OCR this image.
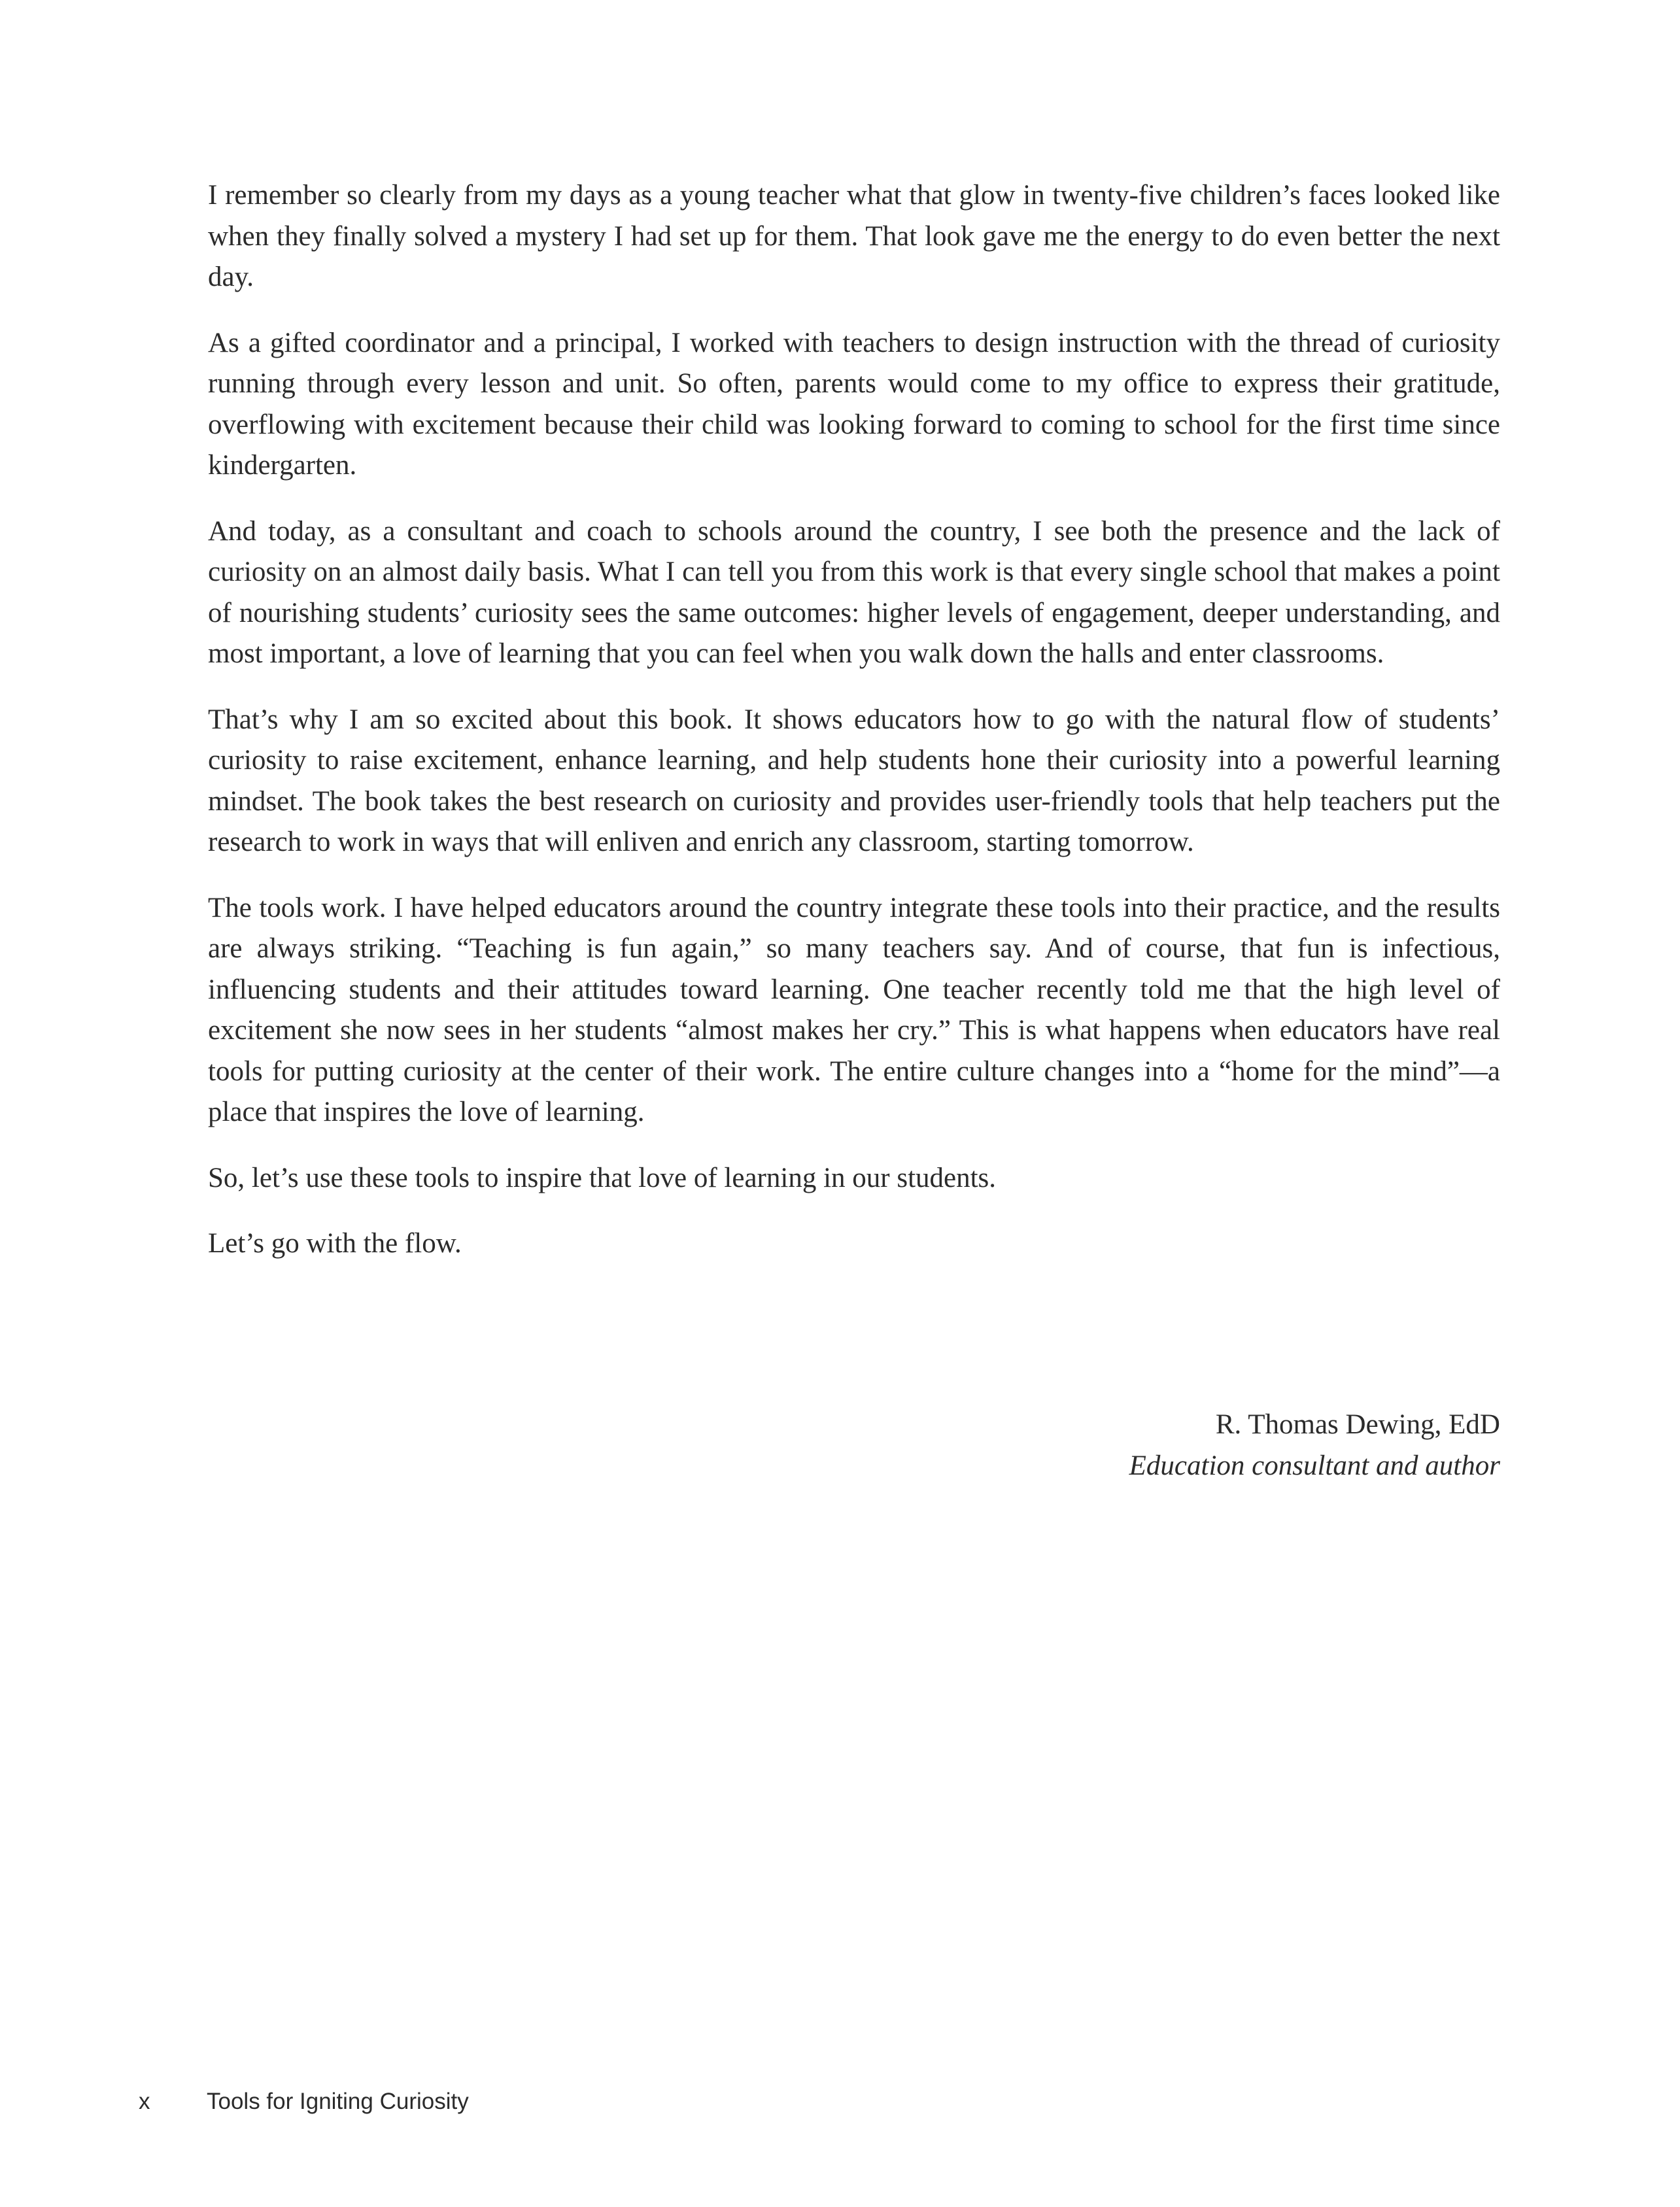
I remember so clearly from my days as a young teacher what that glow in twenty-five children’s faces looked like when they finally solved a mystery I had set up for them. That look gave me the energy to do even better the next day.

As a gifted coordinator and a principal, I worked with teachers to design instruction with the thread of curiosity running through every lesson and unit. So often, parents would come to my office to express their gratitude, overflowing with excitement because their child was looking forward to coming to school for the first time since kindergarten.

And today, as a consultant and coach to schools around the country, I see both the presence and the lack of curiosity on an almost daily basis. What I can tell you from this work is that every single school that makes a point of nourishing students’ curiosity sees the same outcomes: higher levels of engagement, deeper understanding, and most important, a love of learning that you can feel when you walk down the halls and enter classrooms.

That’s why I am so excited about this book. It shows educators how to go with the natural flow of students’ curiosity to raise excitement, enhance learning, and help students hone their curiosity into a powerful learning mindset. The book takes the best research on curiosity and provides user-friendly tools that help teachers put the research to work in ways that will enliven and enrich any classroom, starting tomorrow.

The tools work. I have helped educators around the country integrate these tools into their practice, and the results are always striking. “Teaching is fun again,” so many teachers say. And of course, that fun is infectious, influencing students and their attitudes toward learning. One teacher recently told me that the high level of excitement she now sees in her students “almost makes her cry.” This is what happens when educators have real tools for putting curiosity at the center of their work. The entire culture changes into a “home for the mind”—a place that inspires the love of learning.

So, let’s use these tools to inspire that love of learning in our students.

Let’s go with the flow.

R. Thomas Dewing, EdD
Education consultant and author
x Tools for Igniting Curiosity
